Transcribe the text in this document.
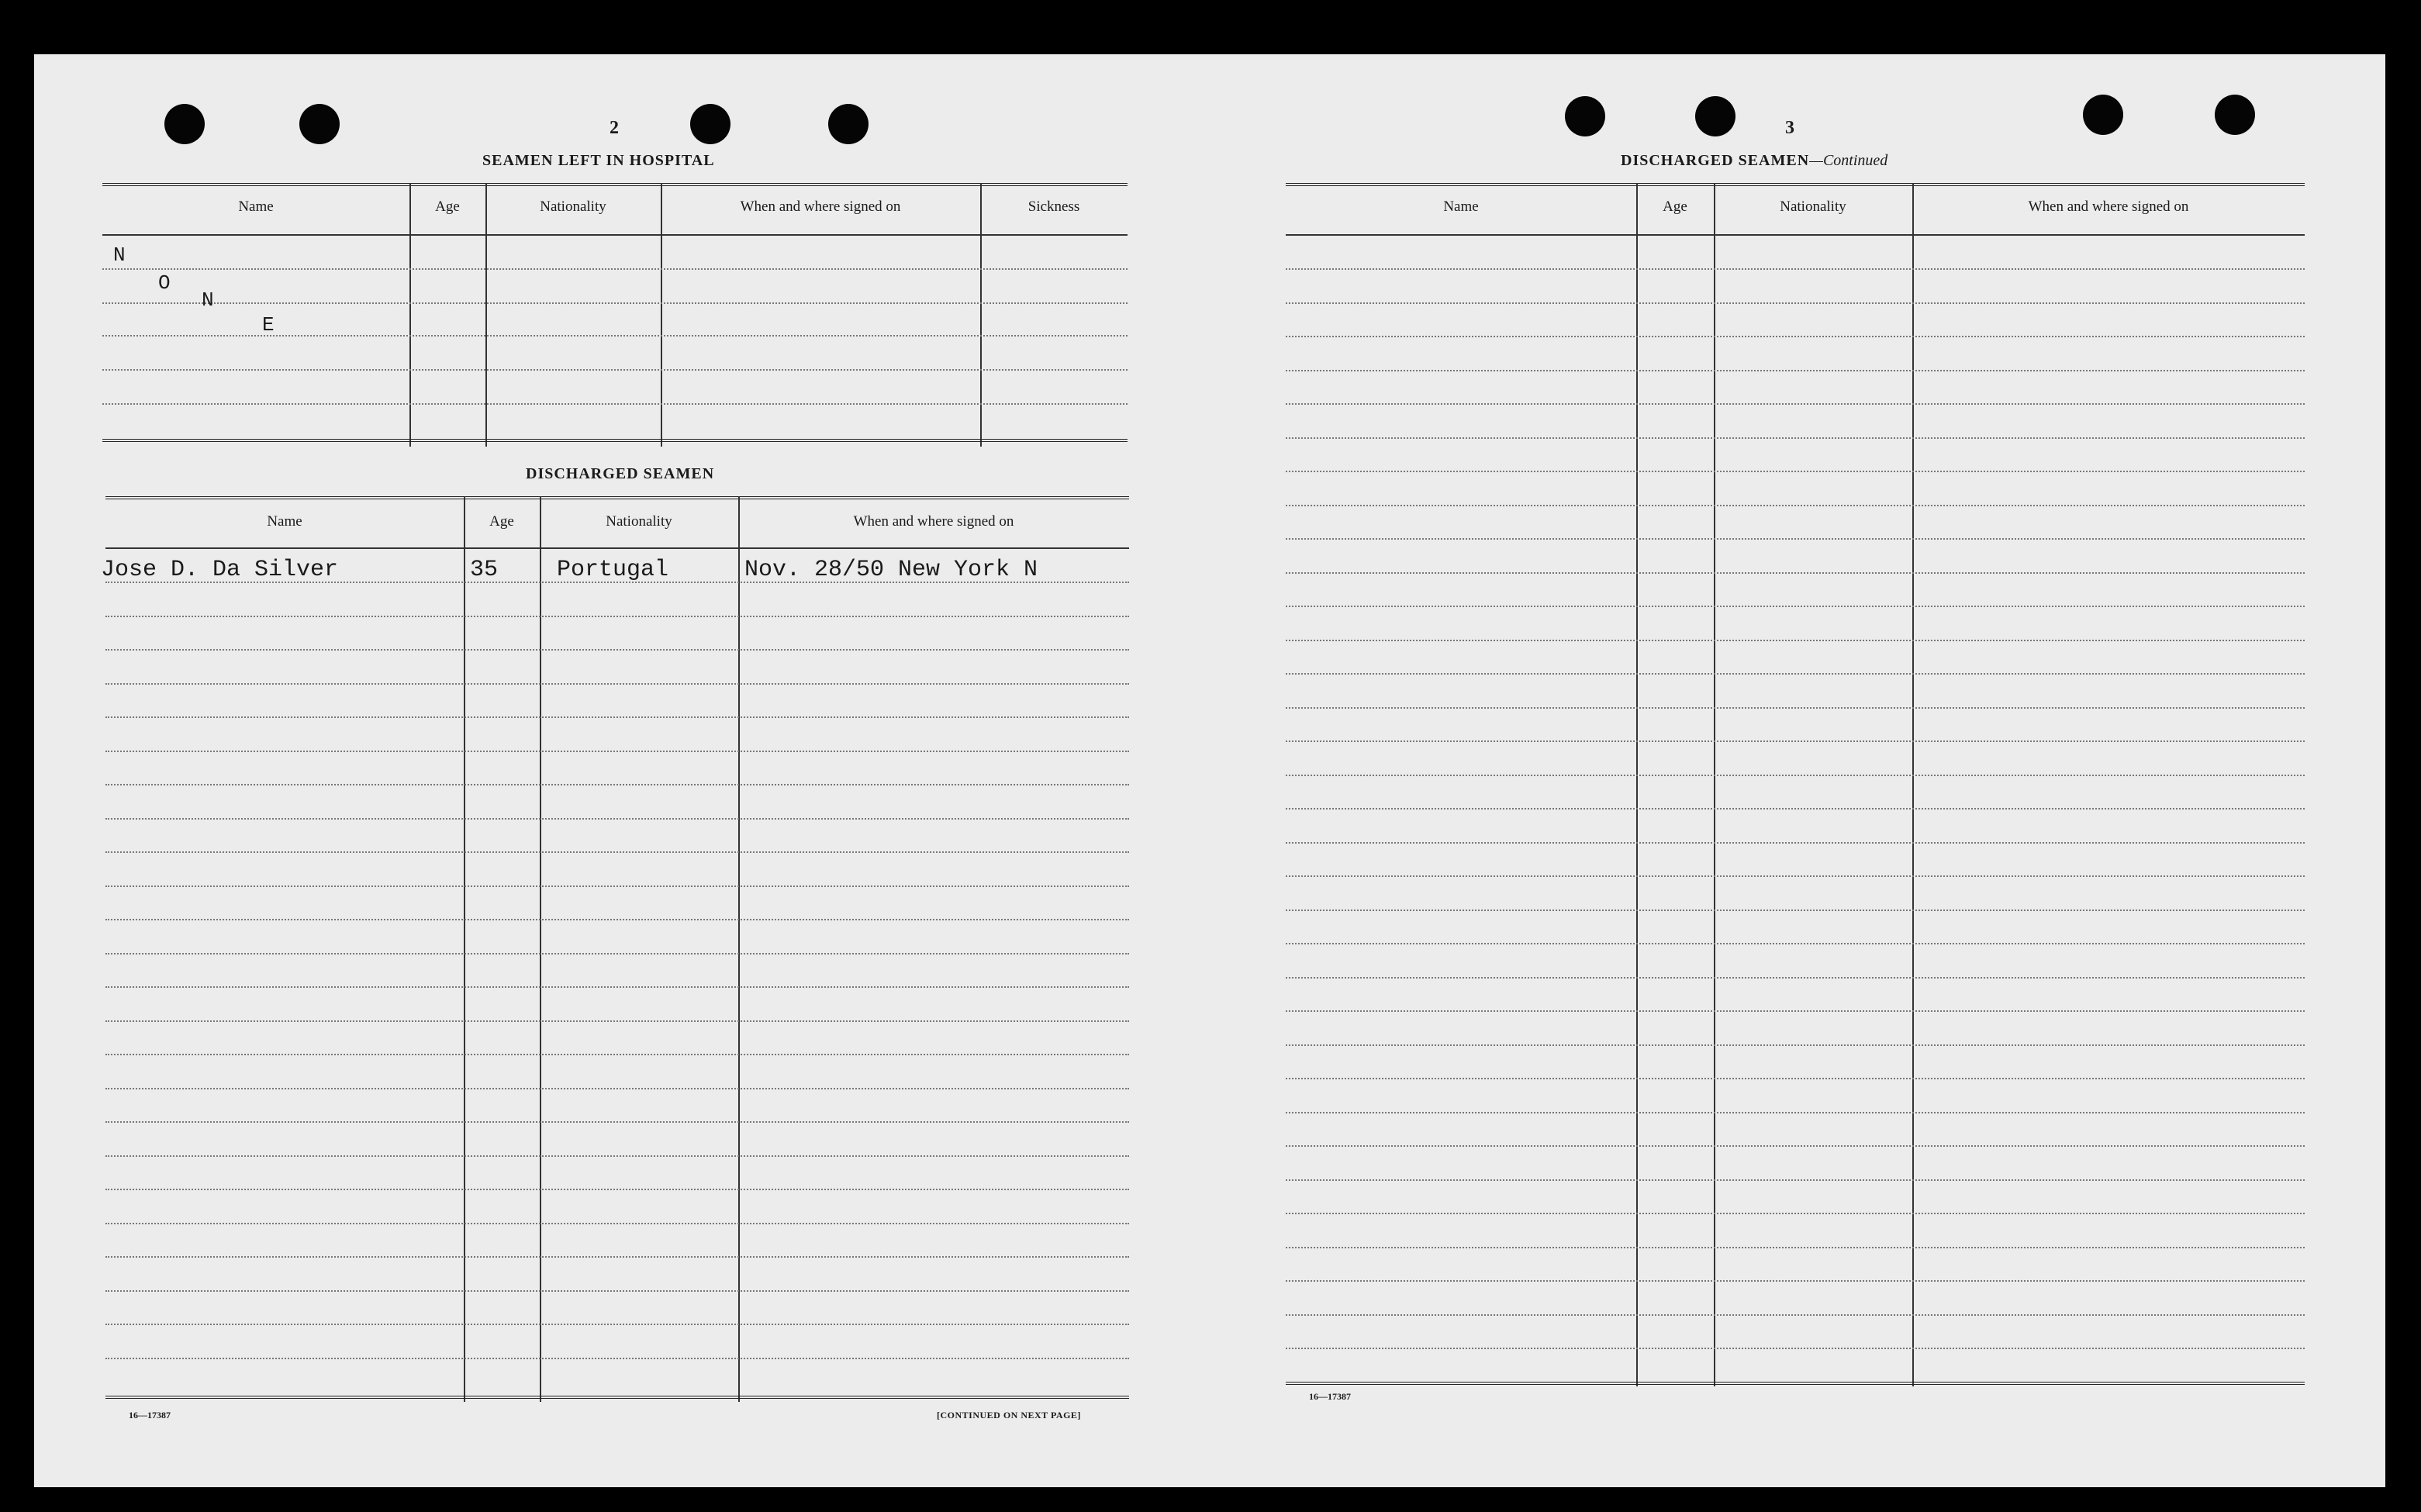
2
SEAMEN LEFT IN HOSPITAL
Name	Age	Nationality	When and where signed on	Sickness
N
O
N
E
DISCHARGED SEAMEN
Name	Age	Nationality	When and where signed on
Jose D. Da Silver	35	Portugal	Nov. 28/50 New York N
16—17387	[CONTINUED ON NEXT PAGE]
3
DISCHARGED SEAMEN—Continued
Name	Age	Nationality	When and where signed on
16—17387
